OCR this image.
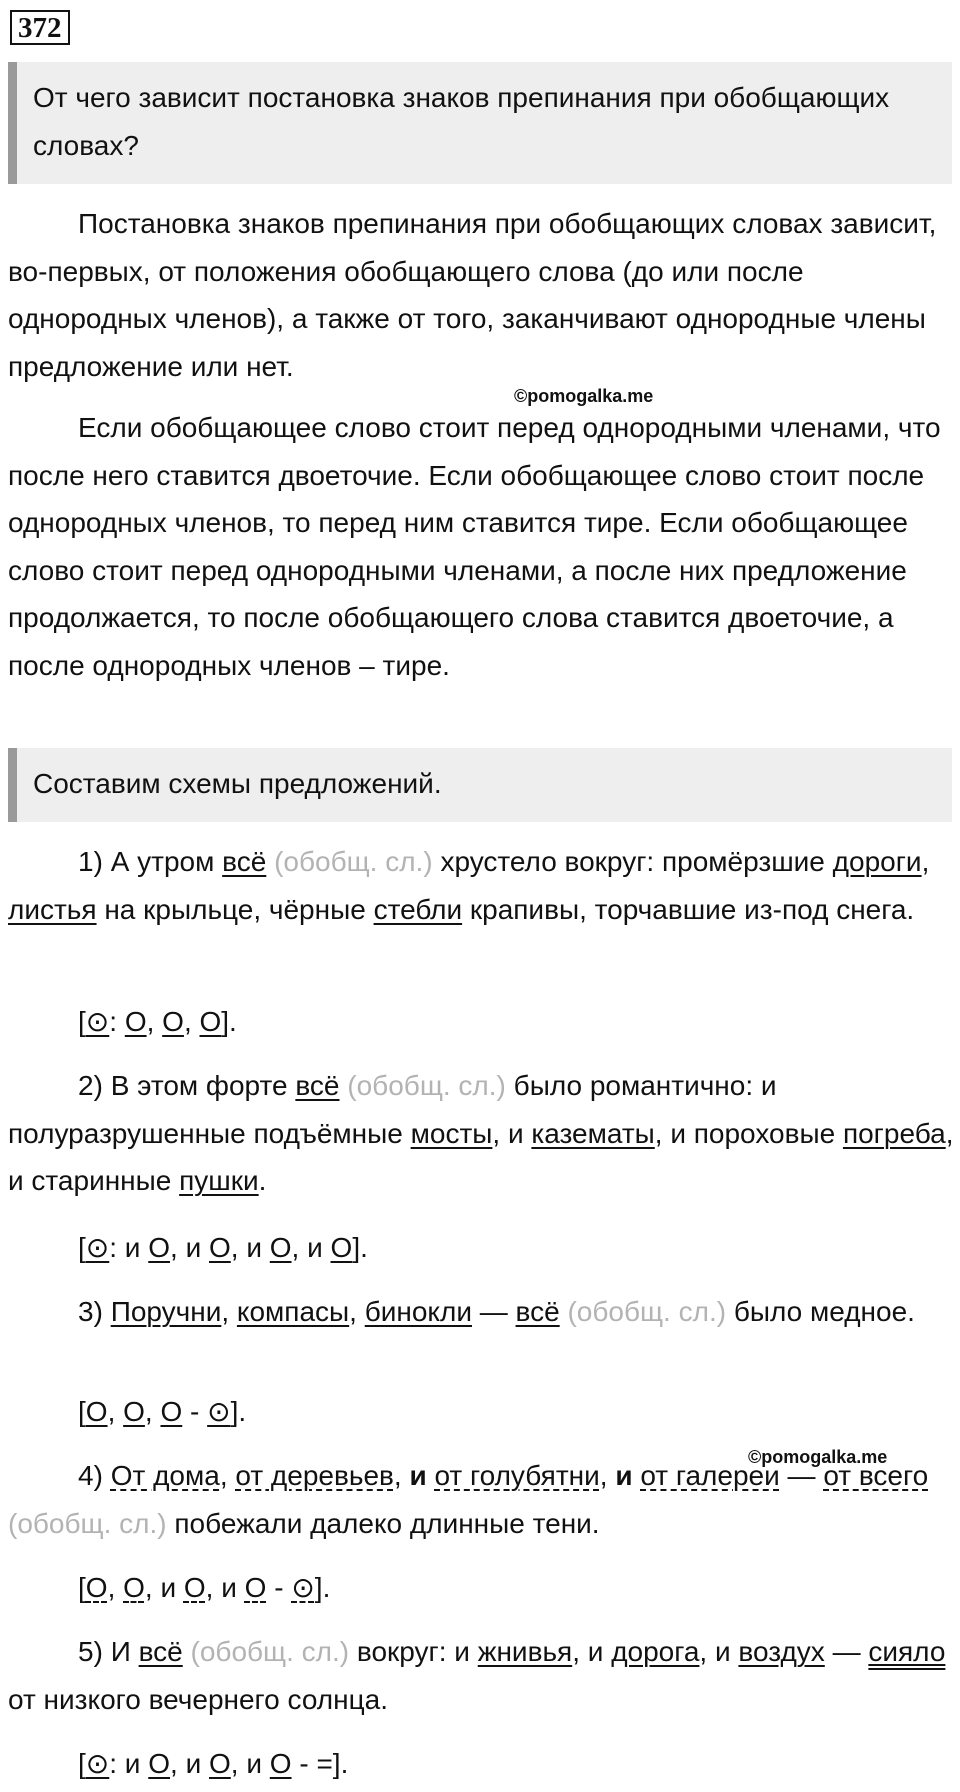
372
От чего зависит постановка знаков препинания при обобщающих словах?
Постановка знаков препинания при обобщающих словах зависит, во-первых, от положения обобщающего слова (до или после однородных членов), а также от того, заканчивают однородные члены предложение или нет.
©pomogalka.me
Если обобщающее слово стоит перед однородными членами, что после него ставится двоеточие. Если обобщающее слово стоит после однородных членов, то перед ним ставится тире. Если обобщающее слово стоит перед однородными членами, а после них предложение продолжается, то после обобщающего слова ставится двоеточие, а после однородных членов – тире.
Составим схемы предложений.
1) А утром всё (обобщ. сл.) хрустело вокруг: промёрзшие дороги, листья на крыльце, чёрные стебли крапивы, торчавшие из-под снега.
[⊙: О, О, О].
2) В этом форте всё (обобщ. сл.) было романтично: и полуразрушенные подъёмные мосты, и казематы, и пороховые погреба, и старинные пушки.
[⊙: и О, и О, и О, и О].
3) Поручни, компасы, бинокли — всё (обобщ. сл.) было медное.
[О, О, О - ⊙].
©pomogalka.me
4) От дома, от деревьев, и от голубятни, и от галереи — от всего (обобщ. сл.) побежали далеко длинные тени.
[О, О, и О, и О - ⊙].
5) И всё (обобщ. сл.) вокруг: и жнивья, и дорога, и воздух — сияло от низкого вечернего солнца.
[⊙: и О, и О, и О - =].
